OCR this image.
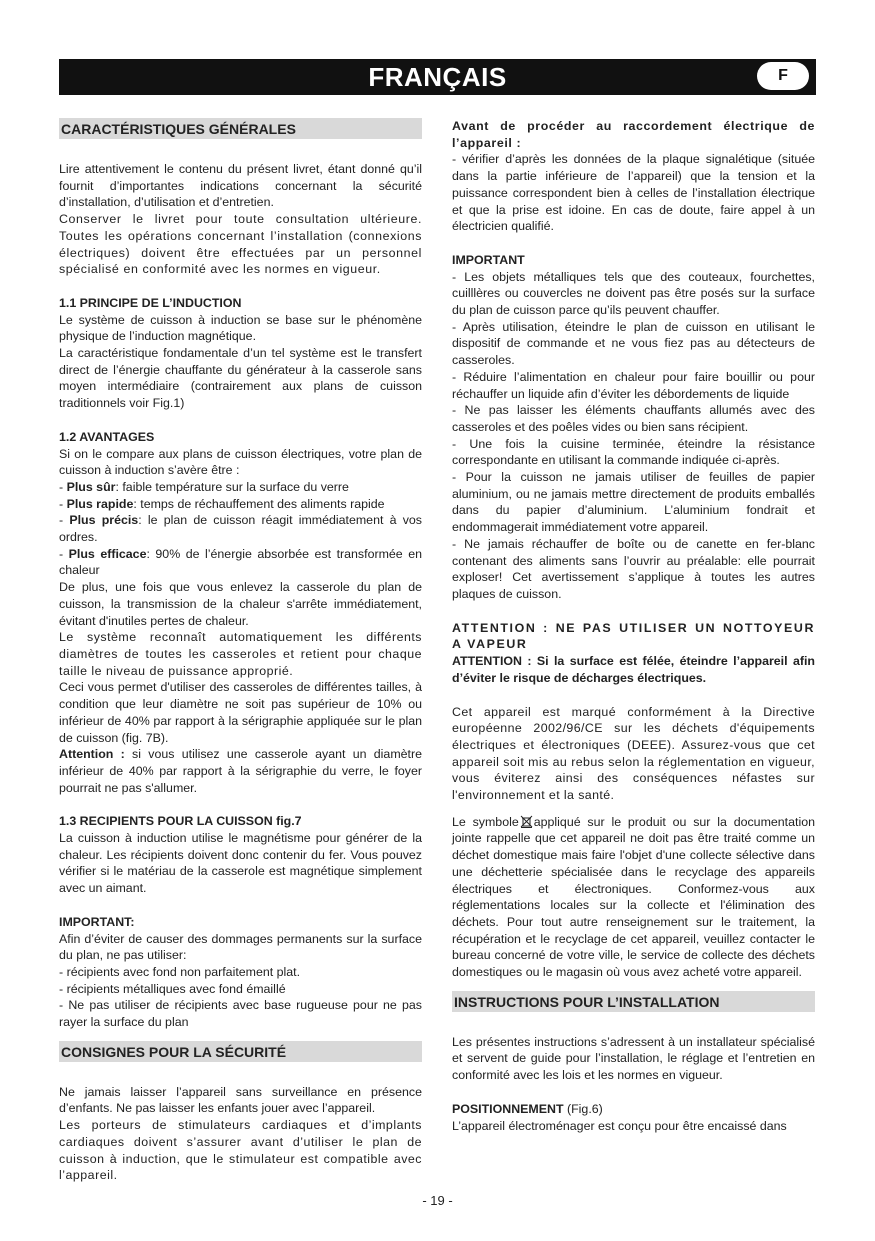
FRANÇAIS	F
CARACTÉRISTIQUES GÉNÉRALES

Lire attentivement le contenu du présent livret, étant donné qu’il fournit d’importantes indications concernant la sécurité d’installation, d’utilisation et d’entretien.

Conserver le livret pour toute consultation ultérieure. Toutes les opérations concernant l’installation (connexions électriques) doivent être effectuées par un personnel spécialisé en conformité avec les normes en vigueur.

1.1 PRINCIPE DE L’INDUCTION

Le système de cuisson à induction se base sur le phénomène physique de l’induction magnétique.

La caractéristique fondamentale d’un tel système est le transfert direct de l’énergie chauffante du générateur à la casserole sans moyen intermédiaire (contrairement aux plans de cuisson traditionnels voir Fig.1)

1.2 AVANTAGES

Si on le compare aux plans de cuisson électriques, votre plan de cuisson à induction s’avère être :

- Plus sûr: faible température sur la surface du verre

- Plus rapide: temps de réchauffement des aliments rapide

- Plus précis: le plan de cuisson réagit immédiatement à vos ordres.

- Plus efficace: 90% de l’énergie absorbée est transformée en chaleur

De plus, une fois que vous enlevez la casserole du plan de cuisson, la transmission de la chaleur s'arrête immédiatement, évitant d'inutiles pertes de chaleur.

Le système reconnaît automatiquement les différents diamètres de toutes les casseroles et retient pour chaque taille le niveau de puissance approprié.

Ceci vous permet d'utiliser des casseroles de différentes tailles, à condition que leur diamètre ne soit pas supérieur de 10% ou inférieur de 40% par rapport à la sérigraphie appliquée sur le plan de cuisson (fig. 7B).

Attention : si vous utilisez une casserole ayant un diamètre inférieur de 40% par rapport à la sérigraphie du verre, le foyer pourrait ne pas s'allumer.

1.3 RECIPIENTS POUR LA CUISSON fig.7

La cuisson à induction utilise le magnétisme pour générer de la chaleur. Les récipients doivent donc contenir du fer. Vous pouvez vérifier si le matériau de la casserole est magnétique simplement avec un aimant.

IMPORTANT:

Afin d’éviter de causer des dommages permanents sur la surface du plan, ne pas utiliser:

- récipients avec fond non parfaitement plat.

- récipients métalliques avec fond émaillé

- Ne pas utiliser de récipients avec base rugueuse pour ne pas rayer la surface du plan

CONSIGNES POUR LA SÉCURITÉ

Ne jamais laisser l’appareil sans surveillance en présence d’enfants. Ne pas laisser les enfants jouer avec l’appareil.

Les porteurs de stimulateurs cardiaques et d’implants cardiaques doivent s’assurer avant d’utiliser le plan de cuisson à induction, que le stimulateur est compatible avec l’appareil.

Avant de procéder au raccordement électrique de l’appareil :

- vérifier d’après les données de la plaque signalétique (située dans la partie inférieure de l’appareil) que la tension et la puissance correspondent bien à celles de l’installation électrique et que la prise est idoine. En cas de doute, faire appel à un électricien qualifié.

IMPORTANT

- Les objets métalliques tels que des couteaux, fourchettes, cuilllères ou couvercles ne doivent pas être posés sur la surface du plan de cuisson parce qu’ils peuvent chauffer.

- Après utilisation, éteindre le plan de cuisson en utilisant le dispositif de commande et ne vous fiez pas au détecteurs de casseroles.

- Réduire l’alimentation en chaleur pour faire bouillir ou pour réchauffer un liquide afin d’éviter les débordements de liquide

- Ne pas laisser les éléments chauffants allumés avec des casseroles et des poêles vides ou bien sans récipient.

- Une fois la cuisine terminée, éteindre la résistance correspondante en utilisant la commande indiquée ci-après.

- Pour la cuisson ne jamais utiliser de feuilles de papier aluminium, ou ne jamais mettre directement de produits emballés dans du papier d’aluminium. L’aluminium fondrait et endommagerait immédiatement votre appareil.

- Ne jamais réchauffer de boîte ou de canette en fer-blanc contenant des aliments sans l’ouvrir au préalable: elle pourrait exploser! Cet avertissement s’applique à toutes les autres plaques de cuisson.

ATTENTION : NE PAS UTILISER UN NOTTOYEUR A VAPEUR

ATTENTION : Si la surface est félée, éteindre l’appareil afin d’éviter le risque de décharges électriques.

Cet appareil est marqué conformément à la Directive européenne 2002/96/CE sur les déchets d'équipements électriques et électroniques (DEEE). Assurez-vous que cet appareil soit mis au rebus selon la réglementation en vigueur, vous éviterez ainsi des conséquences néfastes sur l'environnement et la santé.

Le symbole appliqué sur le produit ou sur la documentation jointe rappelle que cet appareil ne doit pas être traité comme un déchet domestique mais faire l'objet d'une collecte sélective dans une déchetterie spécialisée dans le recyclage des appareils électriques et électroniques. Conformez-vous aux réglementations locales sur la collecte et l'élimination des déchets. Pour tout autre renseignement sur le traitement, la récupération et le recyclage de cet appareil, veuillez contacter le bureau concerné de votre ville, le service de collecte des déchets domestiques ou le magasin où vous avez acheté votre appareil.

INSTRUCTIONS POUR L’INSTALLATION

Les présentes instructions s’adressent à un installateur spécialisé et servent de guide pour l’installation, le réglage et l’entretien en conformité avec les lois et les normes en vigueur.

POSITIONNEMENT (Fig.6)

L’appareil électroménager est conçu pour être encaissé dans

- 19 -
